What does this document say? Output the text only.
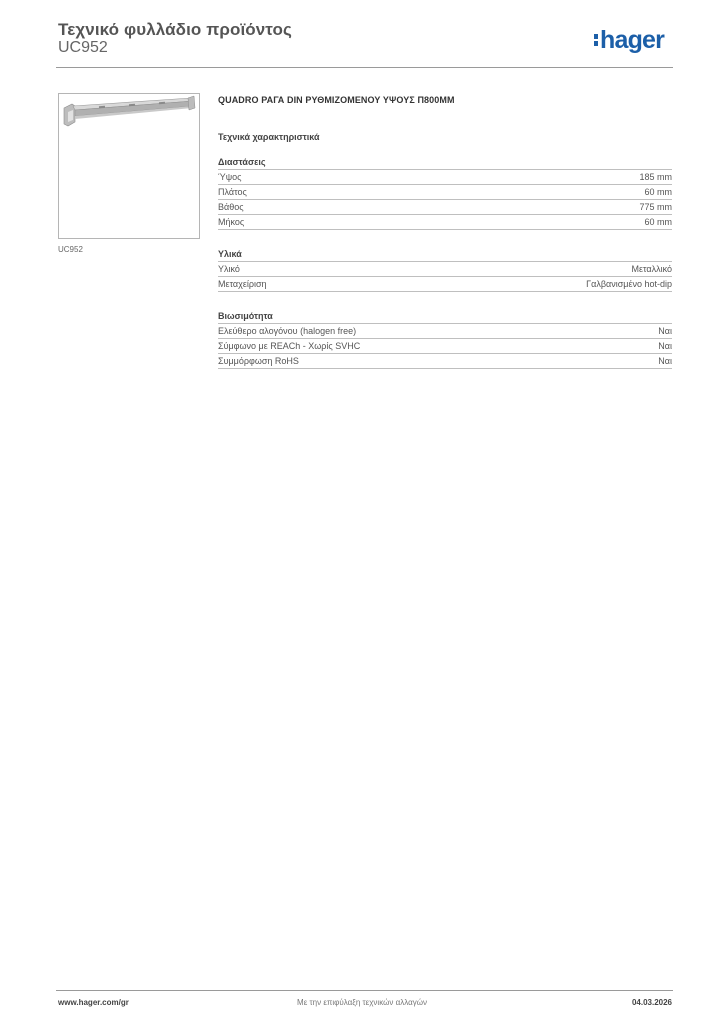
Τεχνικό φυλλάδιο προϊόντος
UC952	hager
UC952
QUADRO ΡΑΓΑ DIN ΡΥΘΜΙΖΟΜΕΝΟΥ ΥΨΟΥΣ Π800ΜΜ
Τεχνικά χαρακτηριστικά
Διαστάσεις
Ύψος	185 mm
Πλάτος	60 mm
Βάθος	775 mm
Μήκος	60 mm
Υλικά
Υλικό	Μεταλλικό
Μεταχείριση	Γαλβανισμένο hot-dip
Βιωσιμότητα
Ελεύθερο αλογόνου (halogen free)	Ναι
Σύμφωνο με REACh - Χωρίς SVHC	Ναι
Συμμόρφωση RoHS	Ναι
www.hager.com/gr	Με την επιφύλαξη τεχνικών αλλαγών	04.03.2026
